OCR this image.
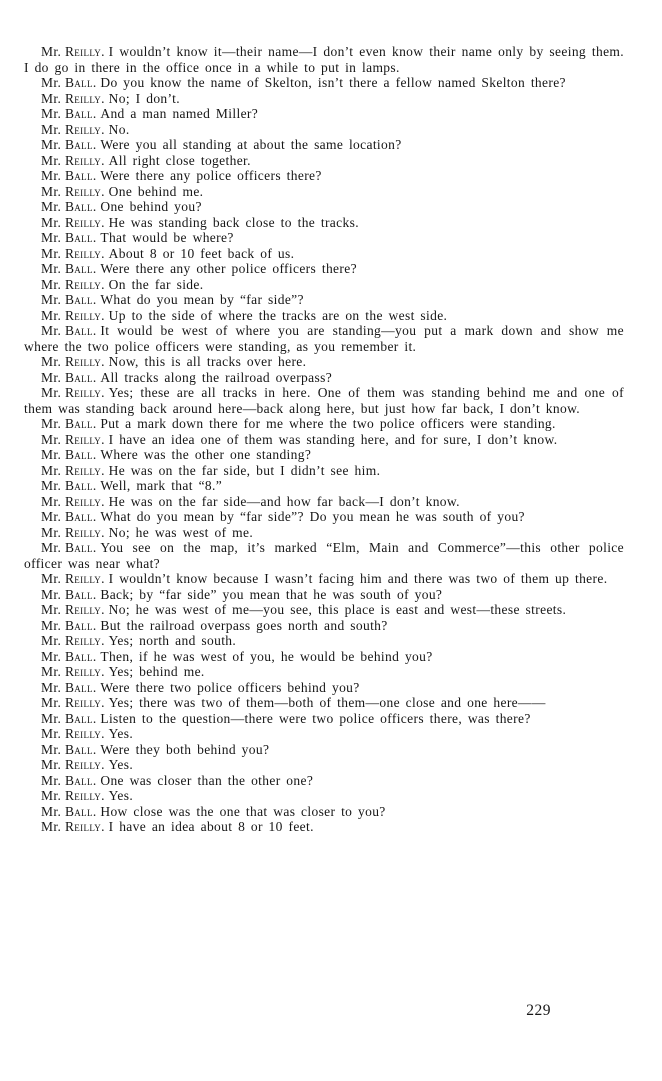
Mr. Reilly. I wouldn’t know it—their name—I don’t even know their name only by seeing them. I do go in there in the office once in a while to put in lamps.

Mr. Ball. Do you know the name of Skelton, isn’t there a fellow named Skelton there?

Mr. Reilly. No; I don’t.

Mr. Ball. And a man named Miller?

Mr. Reilly. No.

Mr. Ball. Were you all standing at about the same location?

Mr. Reilly. All right close together.

Mr. Ball. Were there any police officers there?

Mr. Reilly. One behind me.

Mr. Ball. One behind you?

Mr. Reilly. He was standing back close to the tracks.

Mr. Ball. That would be where?

Mr. Reilly. About 8 or 10 feet back of us.

Mr. Ball. Were there any other police officers there?

Mr. Reilly. On the far side.

Mr. Ball. What do you mean by “far side”?

Mr. Reilly. Up to the side of where the tracks are on the west side.

Mr. Ball. It would be west of where you are standing—you put a mark down and show me where the two police officers were standing, as you remember it.

Mr. Reilly. Now, this is all tracks over here.

Mr. Ball. All tracks along the railroad overpass?

Mr. Reilly. Yes; these are all tracks in here. One of them was standing behind me and one of them was standing back around here—back along here, but just how far back, I don’t know.

Mr. Ball. Put a mark down there for me where the two police officers were standing.

Mr. Reilly. I have an idea one of them was standing here, and for sure, I don’t know.

Mr. Ball. Where was the other one standing?

Mr. Reilly. He was on the far side, but I didn’t see him.

Mr. Ball. Well, mark that “8.”

Mr. Reilly. He was on the far side—and how far back—I don’t know.

Mr. Ball. What do you mean by “far side”? Do you mean he was south of you?

Mr. Reilly. No; he was west of me.

Mr. Ball. You see on the map, it’s marked “Elm, Main and Commerce”—this other police officer was near what?

Mr. Reilly. I wouldn’t know because I wasn’t facing him and there was two of them up there.

Mr. Ball. Back; by “far side” you mean that he was south of you?

Mr. Reilly. No; he was west of me—you see, this place is east and west—these streets.

Mr. Ball. But the railroad overpass goes north and south?

Mr. Reilly. Yes; north and south.

Mr. Ball. Then, if he was west of you, he would be behind you?

Mr. Reilly. Yes; behind me.

Mr. Ball. Were there two police officers behind you?

Mr. Reilly. Yes; there was two of them—both of them—one close and one here——

Mr. Ball. Listen to the question—there were two police officers there, was there?

Mr. Reilly. Yes.

Mr. Ball. Were they both behind you?

Mr. Reilly. Yes.

Mr. Ball. One was closer than the other one?

Mr. Reilly. Yes.

Mr. Ball. How close was the one that was closer to you?

Mr. Reilly. I have an idea about 8 or 10 feet.

229
